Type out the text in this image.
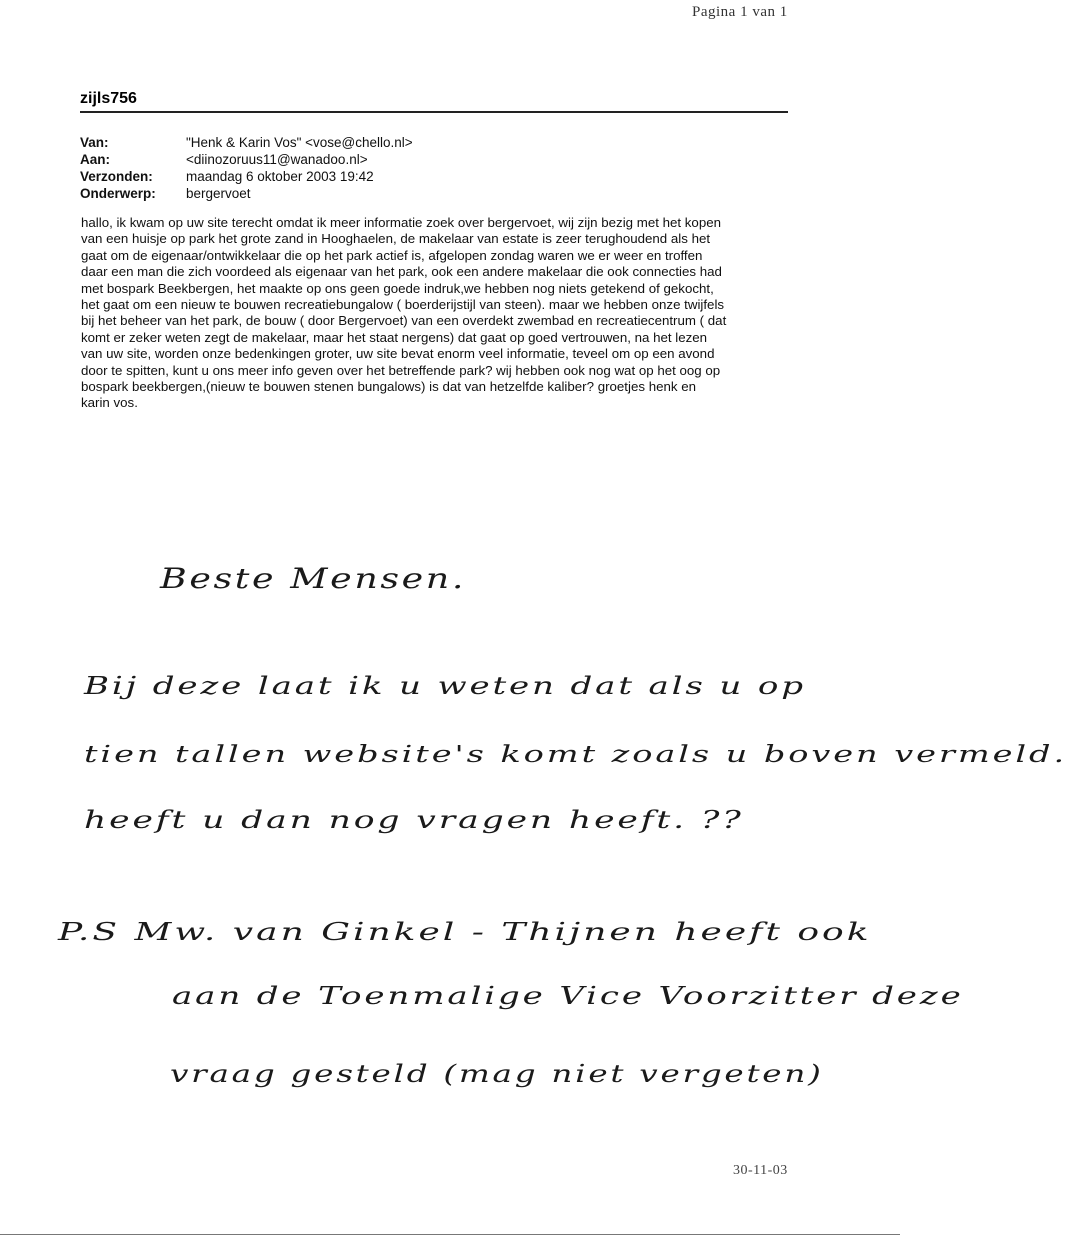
Pagina 1 van 1
zijls756
Van:	"Henk & Karin Vos" <vose@chello.nl>
Aan:	<diinozoruus11@wanadoo.nl>
Verzonden:	maandag 6 oktober 2003 19:42
Onderwerp:	bergervoet
hallo, ik kwam op uw site terecht omdat ik meer informatie zoek over bergervoet, wij zijn bezig met het kopen
van een huisje op park het grote zand in Hooghaelen, de makelaar van estate is zeer terughoudend als het
gaat om de eigenaar/ontwikkelaar die op het park actief is, afgelopen zondag waren we er weer en troffen
daar een man die zich voordeed als eigenaar van het park, ook een andere makelaar die ook connecties had
met bospark Beekbergen, het maakte op ons geen goede indruk,we hebben nog niets getekend of gekocht,
het gaat om een nieuw te bouwen recreatiebungalow ( boerderijstijl van steen). maar we hebben onze twijfels
bij het beheer van het park, de bouw ( door Bergervoet) van een overdekt zwembad en recreatiecentrum ( dat
komt er zeker weten zegt de makelaar, maar het staat nergens) dat gaat op goed vertrouwen, na het lezen
van uw site, worden onze bedenkingen groter, uw site bevat enorm veel informatie, teveel om op een avond
door te spitten, kunt u ons meer info geven over het betreffende park? wij hebben ook nog wat op het oog op
bospark beekbergen,(nieuw te bouwen stenen bungalows) is dat van hetzelfde kaliber? groetjes henk en
karin vos.
Beste Mensen.
Bij deze laat ik u weten dat als u op
tien tallen website's komt zoals u boven vermeld.
heeft u dan nog vragen heeft. ??
P.S Mw. van Ginkel - Thijnen heeft ook
aan de Toenmalige Vice Voorzitter deze
vraag gesteld (mag niet vergeten)
30-11-03
